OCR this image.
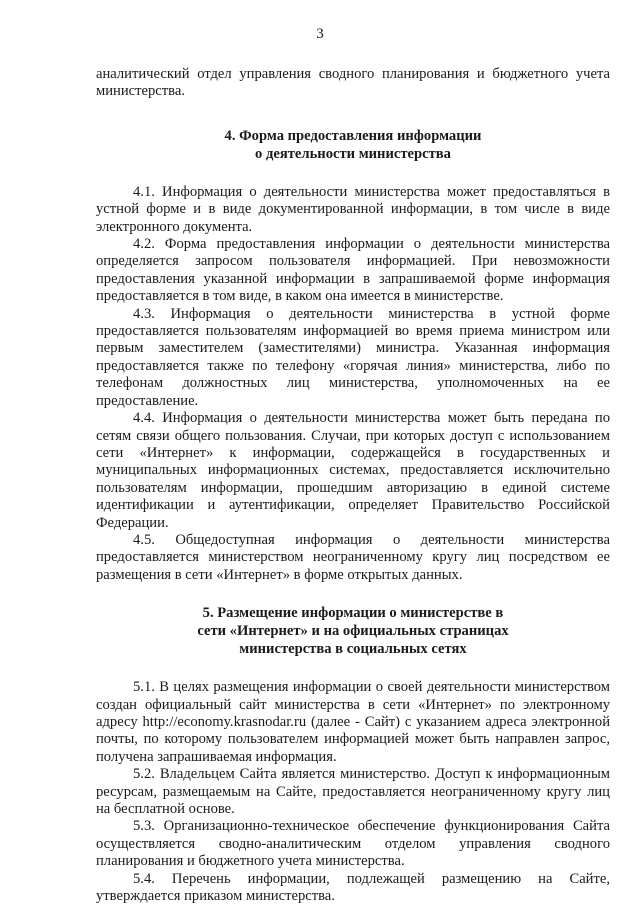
3

аналитический отдел управления сводного планирования и бюджетного учета министерства.

4. Форма предоставления информации
о деятельности министерства

4.1. Информация о деятельности министерства может предоставляться в устной форме и в виде документированной информации, в том числе в виде электронного документа.

4.2. Форма предоставления информации о деятельности министерства определяется запросом пользователя информацией. При невозможности предоставления указанной информации в запрашиваемой форме информация предоставляется в том виде, в каком она имеется в министерстве.

4.3. Информация о деятельности министерства в устной форме предоставляется пользователям информацией во время приема министром или первым заместителем (заместителями) министра. Указанная информация предоставляется также по телефону «горячая линия» министерства, либо по телефонам должностных лиц министерства, уполномоченных на ее предоставление.

4.4. Информация о деятельности министерства может быть передана по сетям связи общего пользования. Случаи, при которых доступ с использованием сети «Интернет» к информации, содержащейся в государственных и муниципальных информационных системах, предоставляется исключительно пользователям информации, прошедшим авторизацию в единой системе идентификации и аутентификации, определяет Правительство Российской Федерации.

4.5. Общедоступная информация о деятельности министерства предоставляется министерством неограниченному кругу лиц посредством ее размещения в сети «Интернет» в форме открытых данных.

5. Размещение информации о министерстве в
сети «Интернет» и на официальных страницах
министерства в социальных сетях

5.1. В целях размещения информации о своей деятельности министерством создан официальный сайт министерства в сети «Интернет» по электронному адресу http://economy.krasnodar.ru (далее - Сайт) с указанием адреса электронной почты, по которому пользователем информацией может быть направлен запрос, получена запрашиваемая информация.

5.2. Владельцем Сайта является министерство. Доступ к информационным ресурсам, размещаемым на Сайте, предоставляется неограниченному кругу лиц на бесплатной основе.

5.3. Организационно-техническое обеспечение функционирования Сайта осуществляется сводно-аналитическим отделом управления сводного планирования и бюджетного учета министерства.

5.4. Перечень информации, подлежащей размещению на Сайте, утверждается приказом министерства.
